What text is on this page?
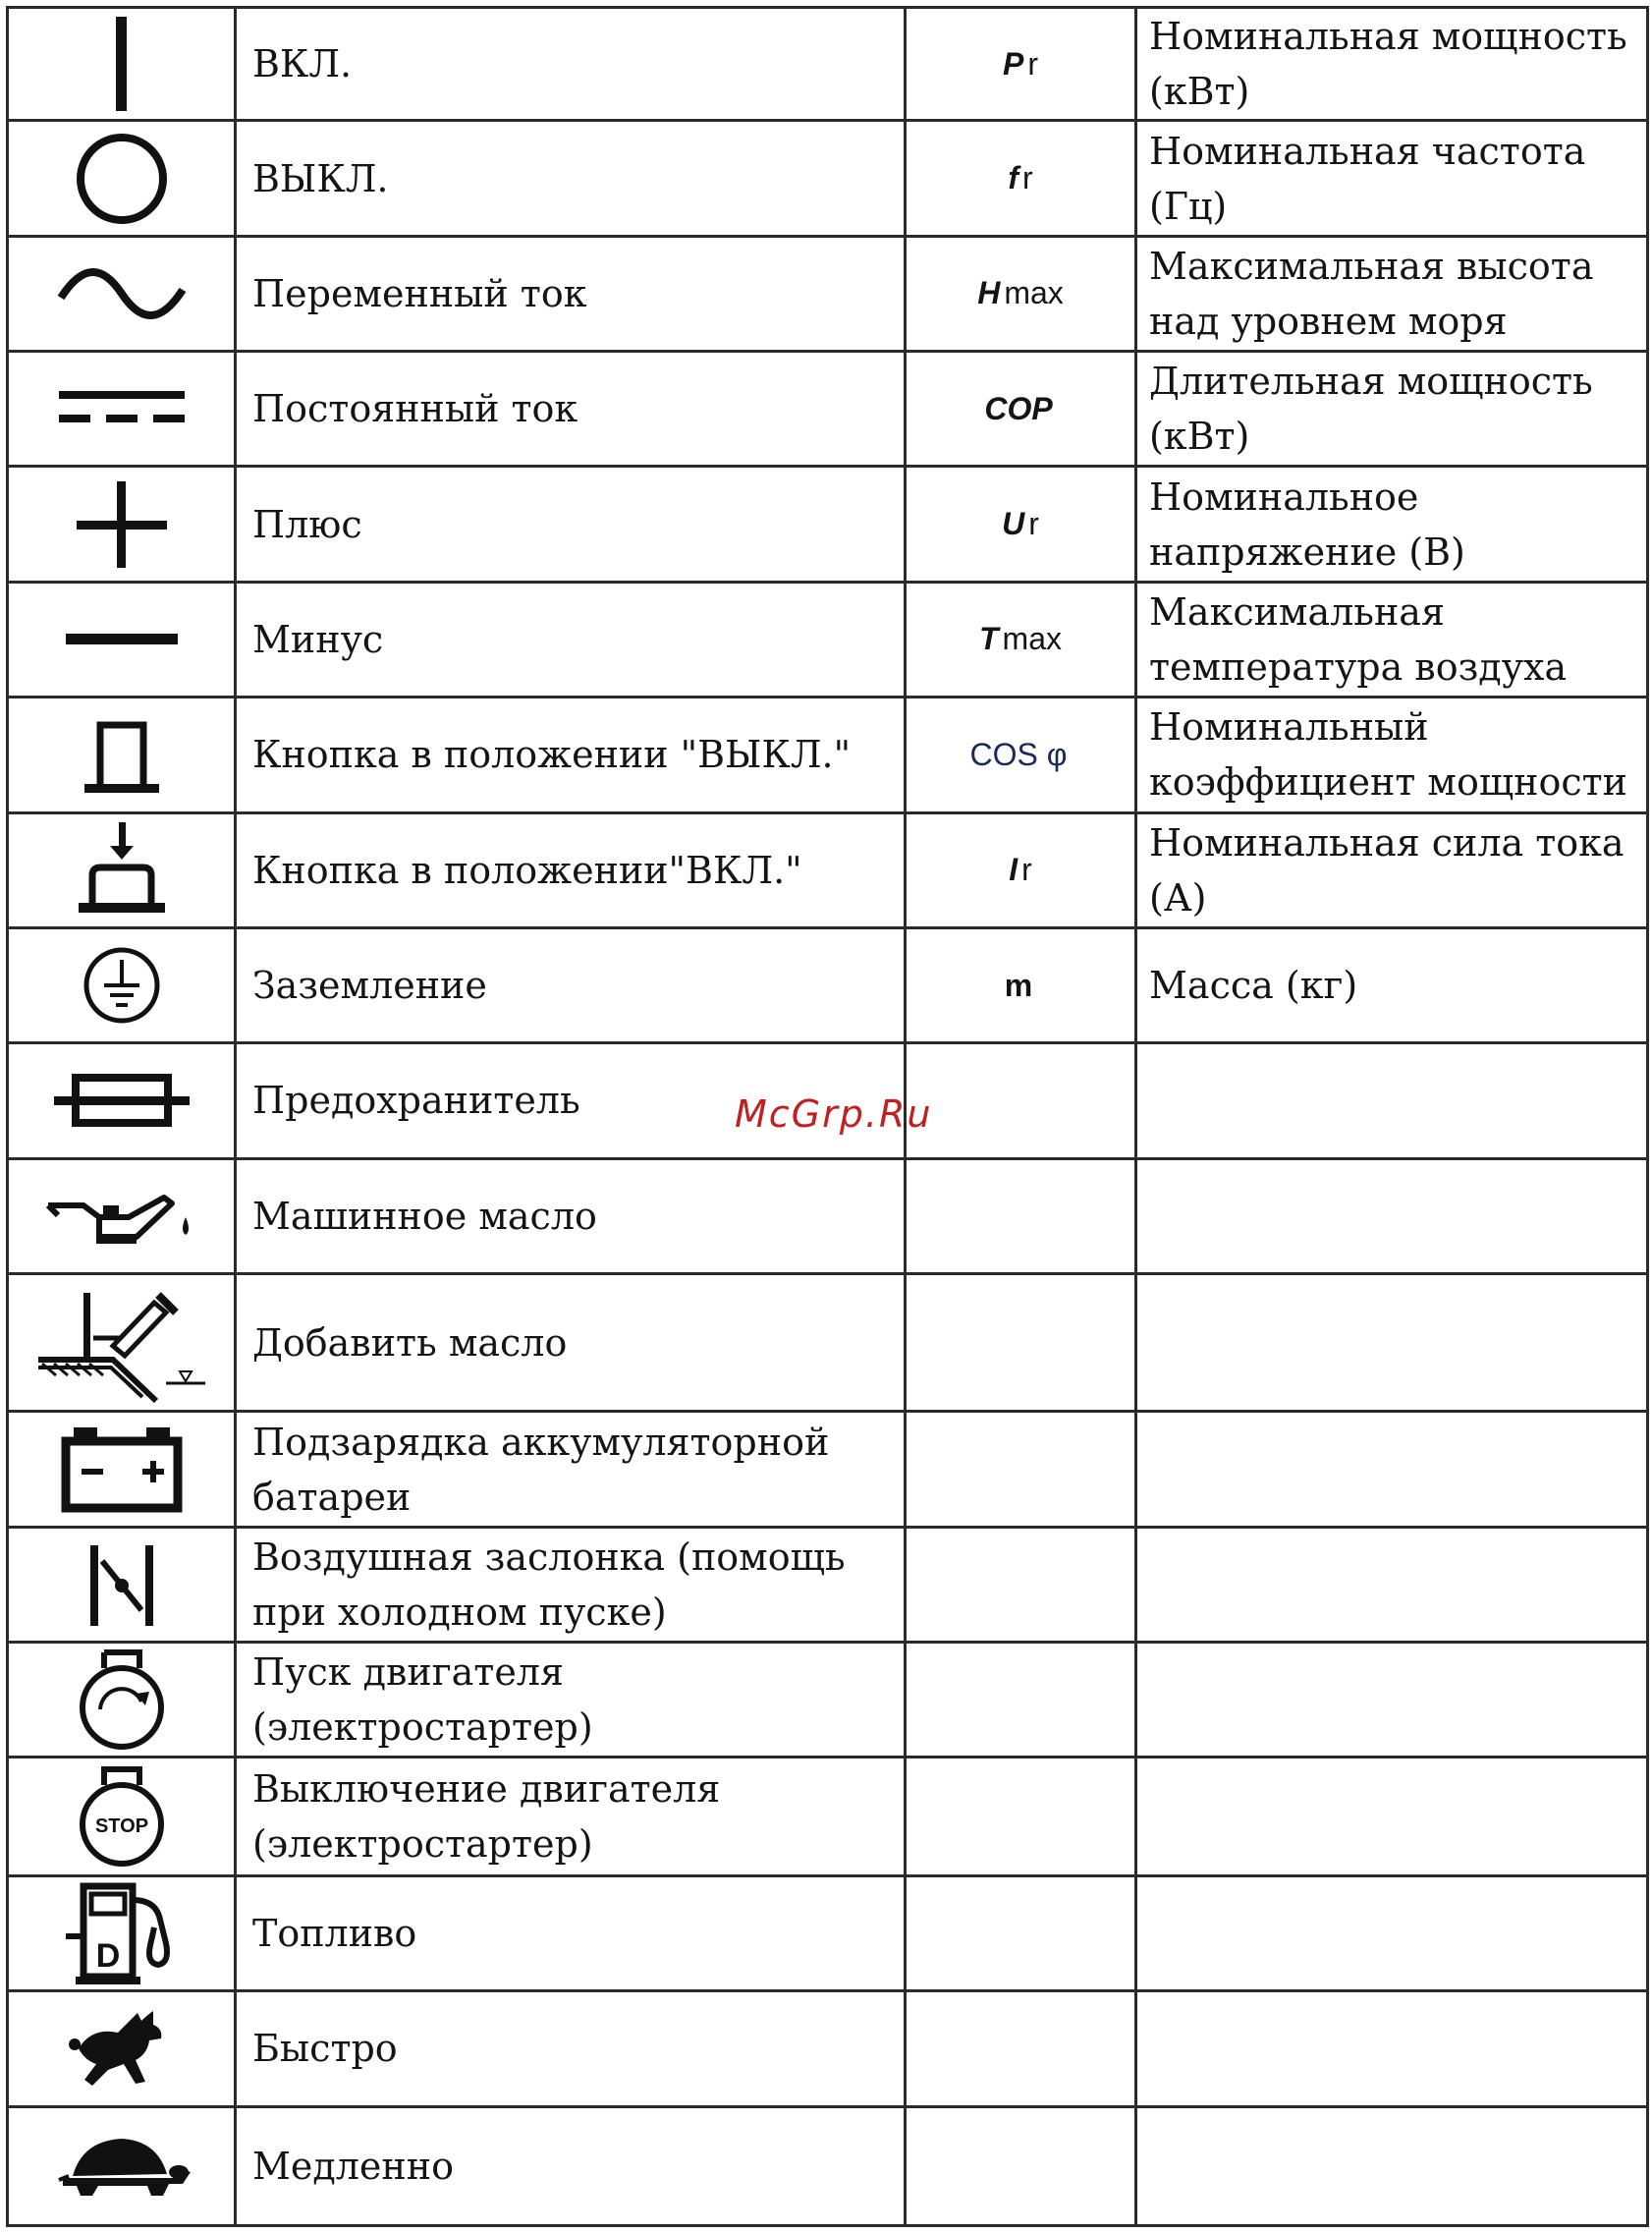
	ВКЛ.	P r	Номинальная мощность (кВт)

	ВЫКЛ.	f r	Номинальная частота (Гц)

	Переменный ток	H max	Максимальная высота над уровнем моря

	Постоянный ток	COP	Длительная мощность (кВт)

	Плюс	U r	Номинальное напряжение (В)

	Минус	T max	Максимальная температура воздуха

	Кнопка в положении "ВЫКЛ."	COS φ	Номинальный коэффициент мощности

	Кнопка в положении"ВКЛ."	I r	Номинальная сила тока (А)

	Заземление	m	Масса (кг)

	Предохранитель		

	Машинное масло		

	Добавить масло		

	Подзарядка аккумуляторной батареи		

	Воздушная заслонка (помощь при холодном пуске)		

	Пуск двигателя (электростартер)		

STOP	Выключение двигателя (электростартер)		

D	Топливо		

	Быстро		

	Медленно		
McGrp.Ru
